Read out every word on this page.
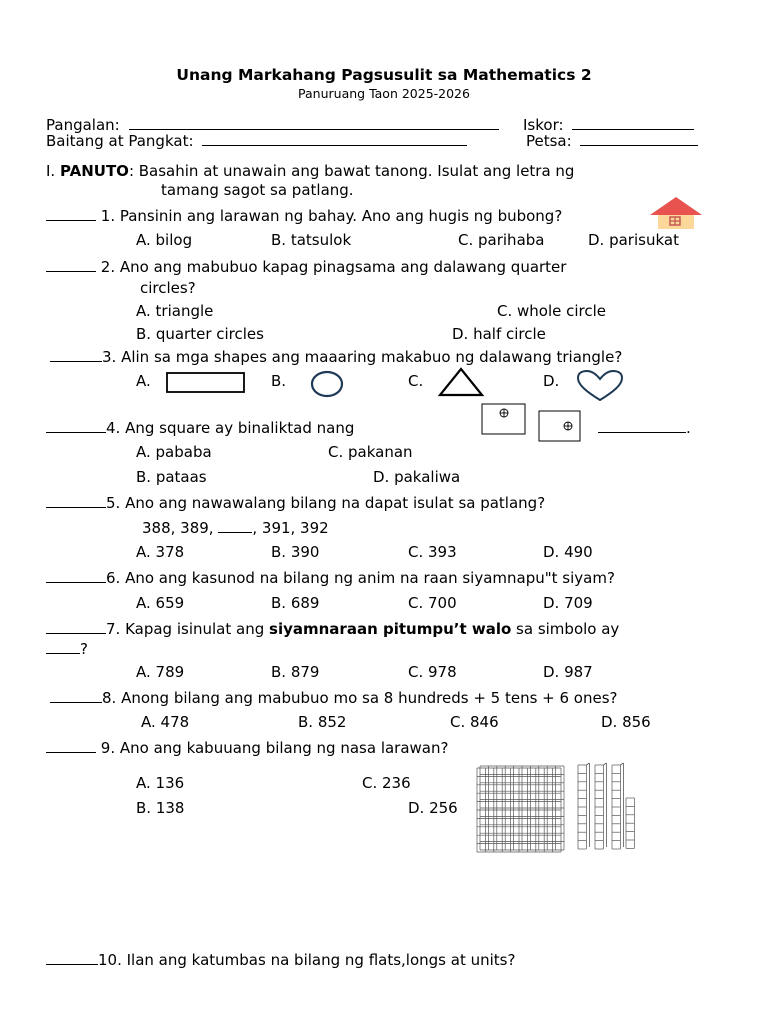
Unang Markahang Pagsusulit sa Mathematics 2
Panuruang Taon 2025-2026
Pangalan:	Iskor:
Baitang at Pangkat:	Petsa:
I. PANUTO: Basahin at unawain ang bawat tanong. Isulat ang letra ng
tamang sagot sa patlang.
1. Pansinin ang larawan ng bahay. Ano ang hugis ng bubong?
A. bilog	B. tatsulok	C. parihaba	D. parisukat
2. Ano ang mabubuo kapag pinagsama ang dalawang quarter
circles?
A. triangle	C. whole circle
B. quarter circles	D. half circle
3. Alin sa mga shapes ang maaaring makabuo ng dalawang triangle?
A.	B.	C.	D.
4. Ang square ay binaliktad nang	.
A. pababa	C. pakanan
B. pataas	D. pakaliwa
5. Ano ang nawawalang bilang na dapat isulat sa patlang?
388, 389,	, 391, 392
A. 378	B. 390	C. 393	D. 490
6. Ano ang kasunod na bilang ng anim na raan siyamnapu"t siyam?
A. 659	B. 689	C. 700	D. 709
7. Kapag isinulat ang siyamnaraan pitumpu’t walo sa simbolo ay
?
A. 789	B. 879	C. 978	D. 987
8. Anong bilang ang mabubuo mo sa 8 hundreds + 5 tens + 6 ones?
A. 478	B. 852	C. 846	D. 856
9. Ano ang kabuuang bilang ng nasa larawan?
A. 136	C. 236
B. 138	D. 256
10. Ilan ang katumbas na bilang ng flats,longs at units?
